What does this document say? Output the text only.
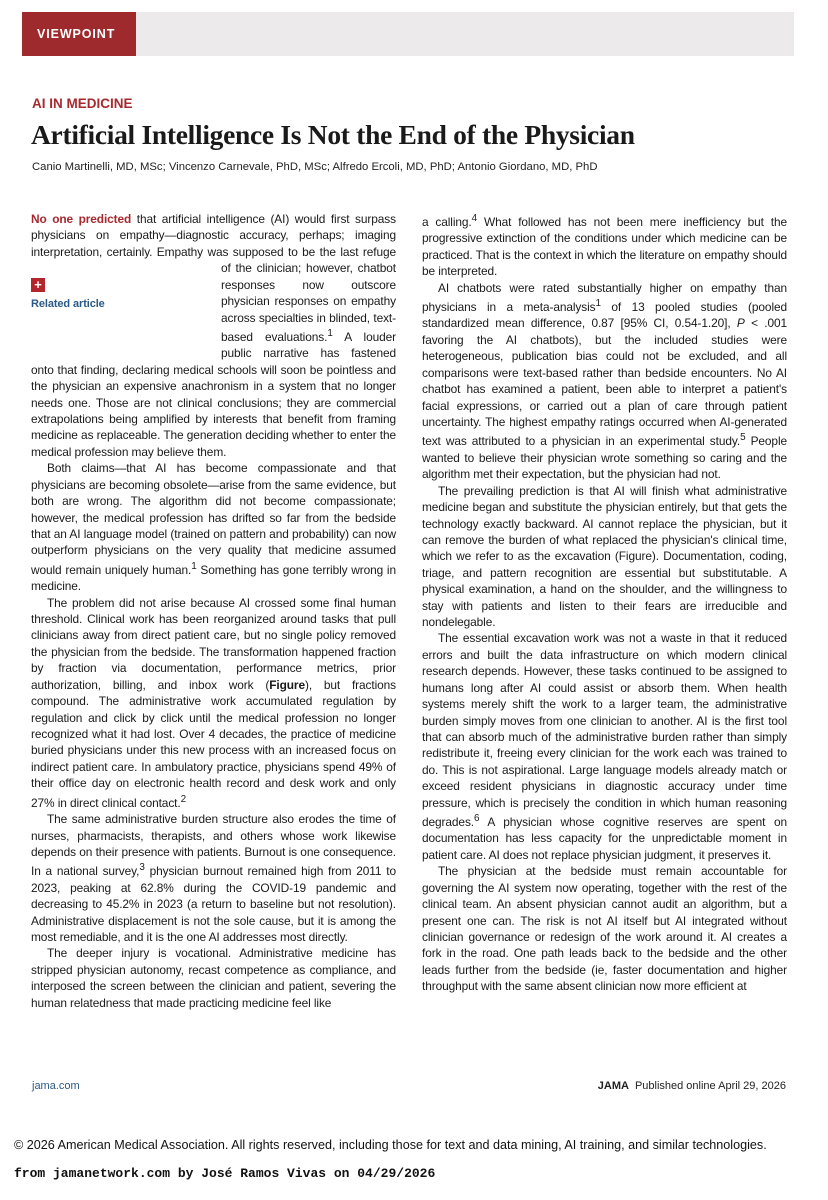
VIEWPOINT
AI IN MEDICINE
Artificial Intelligence Is Not the End of the Physician
Canio Martinelli, MD, MSc; Vincenzo Carnevale, PhD, MSc; Alfredo Ercoli, MD, PhD; Antonio Giordano, MD, PhD

No one predicted that artificial intelligence (AI) would first surpass physicians on empathy—diagnostic accuracy, perhaps; imaging interpretation, certainly. Empathy was supposed to be the last ref
+
Related article
uge of the clinician; however, chatbot responses now outscore physician responses on empathy across specialties in blinded, text-based evaluations.$^1$ A louder public narrative has fastened onto that finding, declaring medical schools will soon be pointless and the physician an expensive anachronism in a system that no longer needs one. Those are not clinical conclusions; they are commercial extrapolations being amplified by interests that benefit from framing medicine as replaceable. The generation deciding whether to enter the medical profession may believe them.

Both claims—that AI has become compassionate and that physicians are becoming obsolete—arise from the same evidence, but both are wrong. The algorithm did not become compassionate; however, the medical profession has drifted so far from the bedside that an AI language model (trained on pattern and probability) can now outperform physicians on the very quality that medicine assumed would remain uniquely human.$^1$ Something has gone terribly wrong in medicine.

The problem did not arise because AI crossed some final human threshold. Clinical work has been reorganized around tasks that pull clinicians away from direct patient care, but no single policy removed the physician from the bedside. The transformation happened fraction by fraction via documentation, performance metrics, prior authorization, billing, and inbox work (Figure), but fractions compound. The administrative work accumulated regulation by regulation and click by click until the medical profession no longer recognized what it had lost. Over 4 decades, the practice of medicine buried physicians under this new process with an increased focus on indirect patient care. In ambulatory practice, physicians spend 49% of their office day on electronic health record and desk work and only 27% in direct clinical contact.$^2$

The same administrative burden structure also erodes the time of nurses, pharmacists, therapists, and others whose work likewise depends on their presence with patients. Burnout is one consequence. In a national survey,$^3$ physician burnout remained high from 2011 to 2023, peaking at 62.8% during the COVID-19 pandemic and decreasing to 45.2% in 2023 (a return to baseline but not resolution). Administrative displacement is not the sole cause, but it is among the most remediable, and it is the one AI addresses most directly.

The deeper injury is vocational. Administrative medicine has stripped physician autonomy, recast competence as compliance, and interposed the screen between the clinician and patient, severing the human relatedness that made practicing medicine feel like

a calling.$^4$ What followed has not been mere inefficiency but the progressive extinction of the conditions under which medicine can be practiced. That is the context in which the literature on empathy should be interpreted.

AI chatbots were rated substantially higher on empathy than physicians in a meta-analysis$^1$ of 13 pooled studies (pooled standardized mean difference, 0.87 [95% CI, 0.54-1.20], P < .001 favoring the AI chatbots), but the included studies were heterogeneous, publication bias could not be excluded, and all comparisons were text-based rather than bedside encounters. No AI chatbot has examined a patient, been able to interpret a patient's facial expressions, or carried out a plan of care through patient uncertainty. The highest empathy ratings occurred when AI-generated text was attributed to a physician in an experimental study.$^5$ People wanted to believe their physician wrote something so caring and the algorithm met their expectation, but the physician had not.

The prevailing prediction is that AI will finish what administrative medicine began and substitute the physician entirely, but that gets the technology exactly backward. AI cannot replace the physician, but it can remove the burden of what replaced the physician's clinical time, which we refer to as the excavation (Figure). Documentation, coding, triage, and pattern recognition are essential but substitutable. A physical examination, a hand on the shoulder, and the willingness to stay with patients and listen to their fears are irreducible and nondelegable.

The essential excavation work was not a waste in that it reduced errors and built the data infrastructure on which modern clinical research depends. However, these tasks continued to be assigned to humans long after AI could assist or absorb them. When health systems merely shift the work to a larger team, the administrative burden simply moves from one clinician to another. AI is the first tool that can absorb much of the administrative burden rather than simply redistribute it, freeing every clinician for the work each was trained to do. This is not aspirational. Large language models already match or exceed resident physicians in diagnostic accuracy under time pressure, which is precisely the condition in which human reasoning degrades.$^6$ A physician whose cognitive reserves are spent on documentation has less capacity for the unpredictable moment in patient care. AI does not replace physician judgment, it preserves it.

The physician at the bedside must remain accountable for governing the AI system now operating, together with the rest of the clinical team. An absent physician cannot audit an algorithm, but a present one can. The risk is not AI itself but AI integrated without clinician governance or redesign of the work around it. AI creates a fork in the road. One path leads back to the bedside and the other leads further from the bedside (ie, faster documentation and higher throughput with the same absent clinician now more efficient at

jama.com	JAMA Published online April 29, 2026
© 2026 American Medical Association. All rights reserved, including those for text and data mining, AI training, and similar technologies.
from jamanetwork.com by José Ramos Vivas on 04/29/2026
